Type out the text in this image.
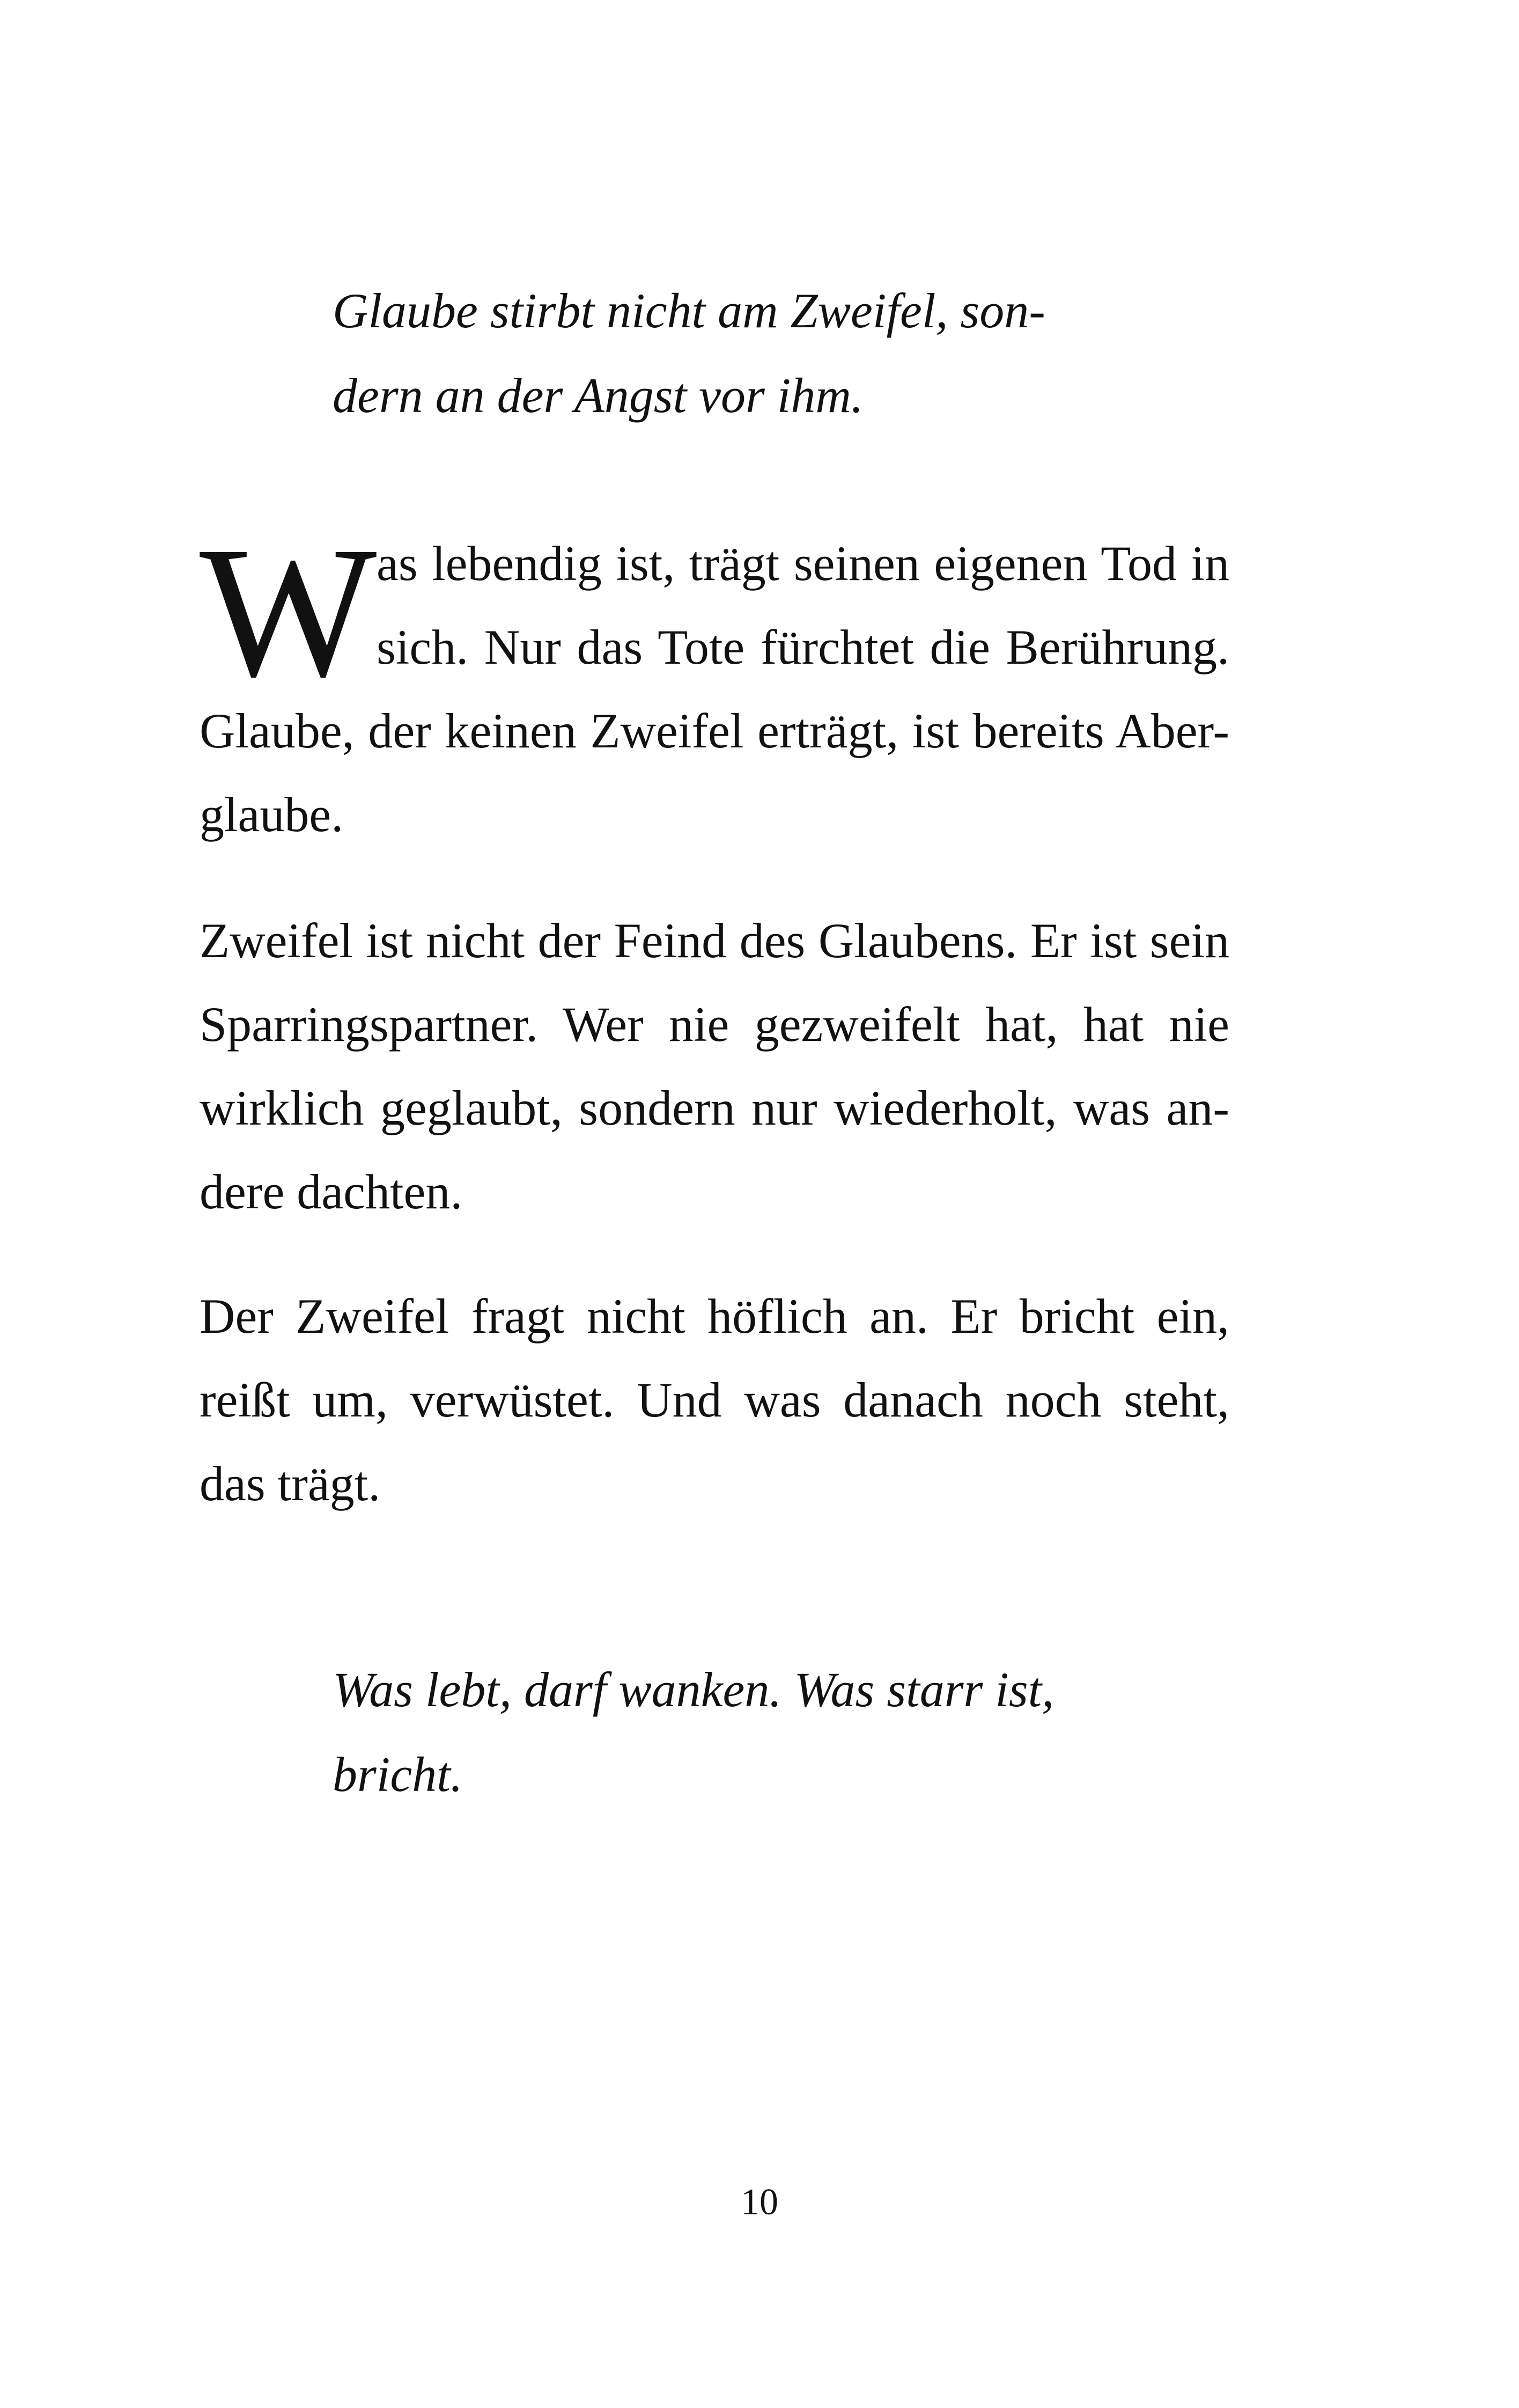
Glaube stirbt nicht am Zweifel, son-
dern an der Angst vor ihm.

W as lebendig ist, trägt seinen eigenen Tod in
sich. Nur das Tote fürchtet die Berührung.
Glaube, der keinen Zweifel erträgt, ist bereits Aber-
glaube.

Zweifel ist nicht der Feind des Glaubens. Er ist sein
Sparringspartner. Wer nie gezweifelt hat, hat nie
wirklich geglaubt, sondern nur wiederholt, was an-
dere dachten.

Der Zweifel fragt nicht höflich an. Er bricht ein,
reißt um, verwüstet. Und was danach noch steht,
das trägt.

Was lebt, darf wanken. Was starr ist,
bricht.

10
